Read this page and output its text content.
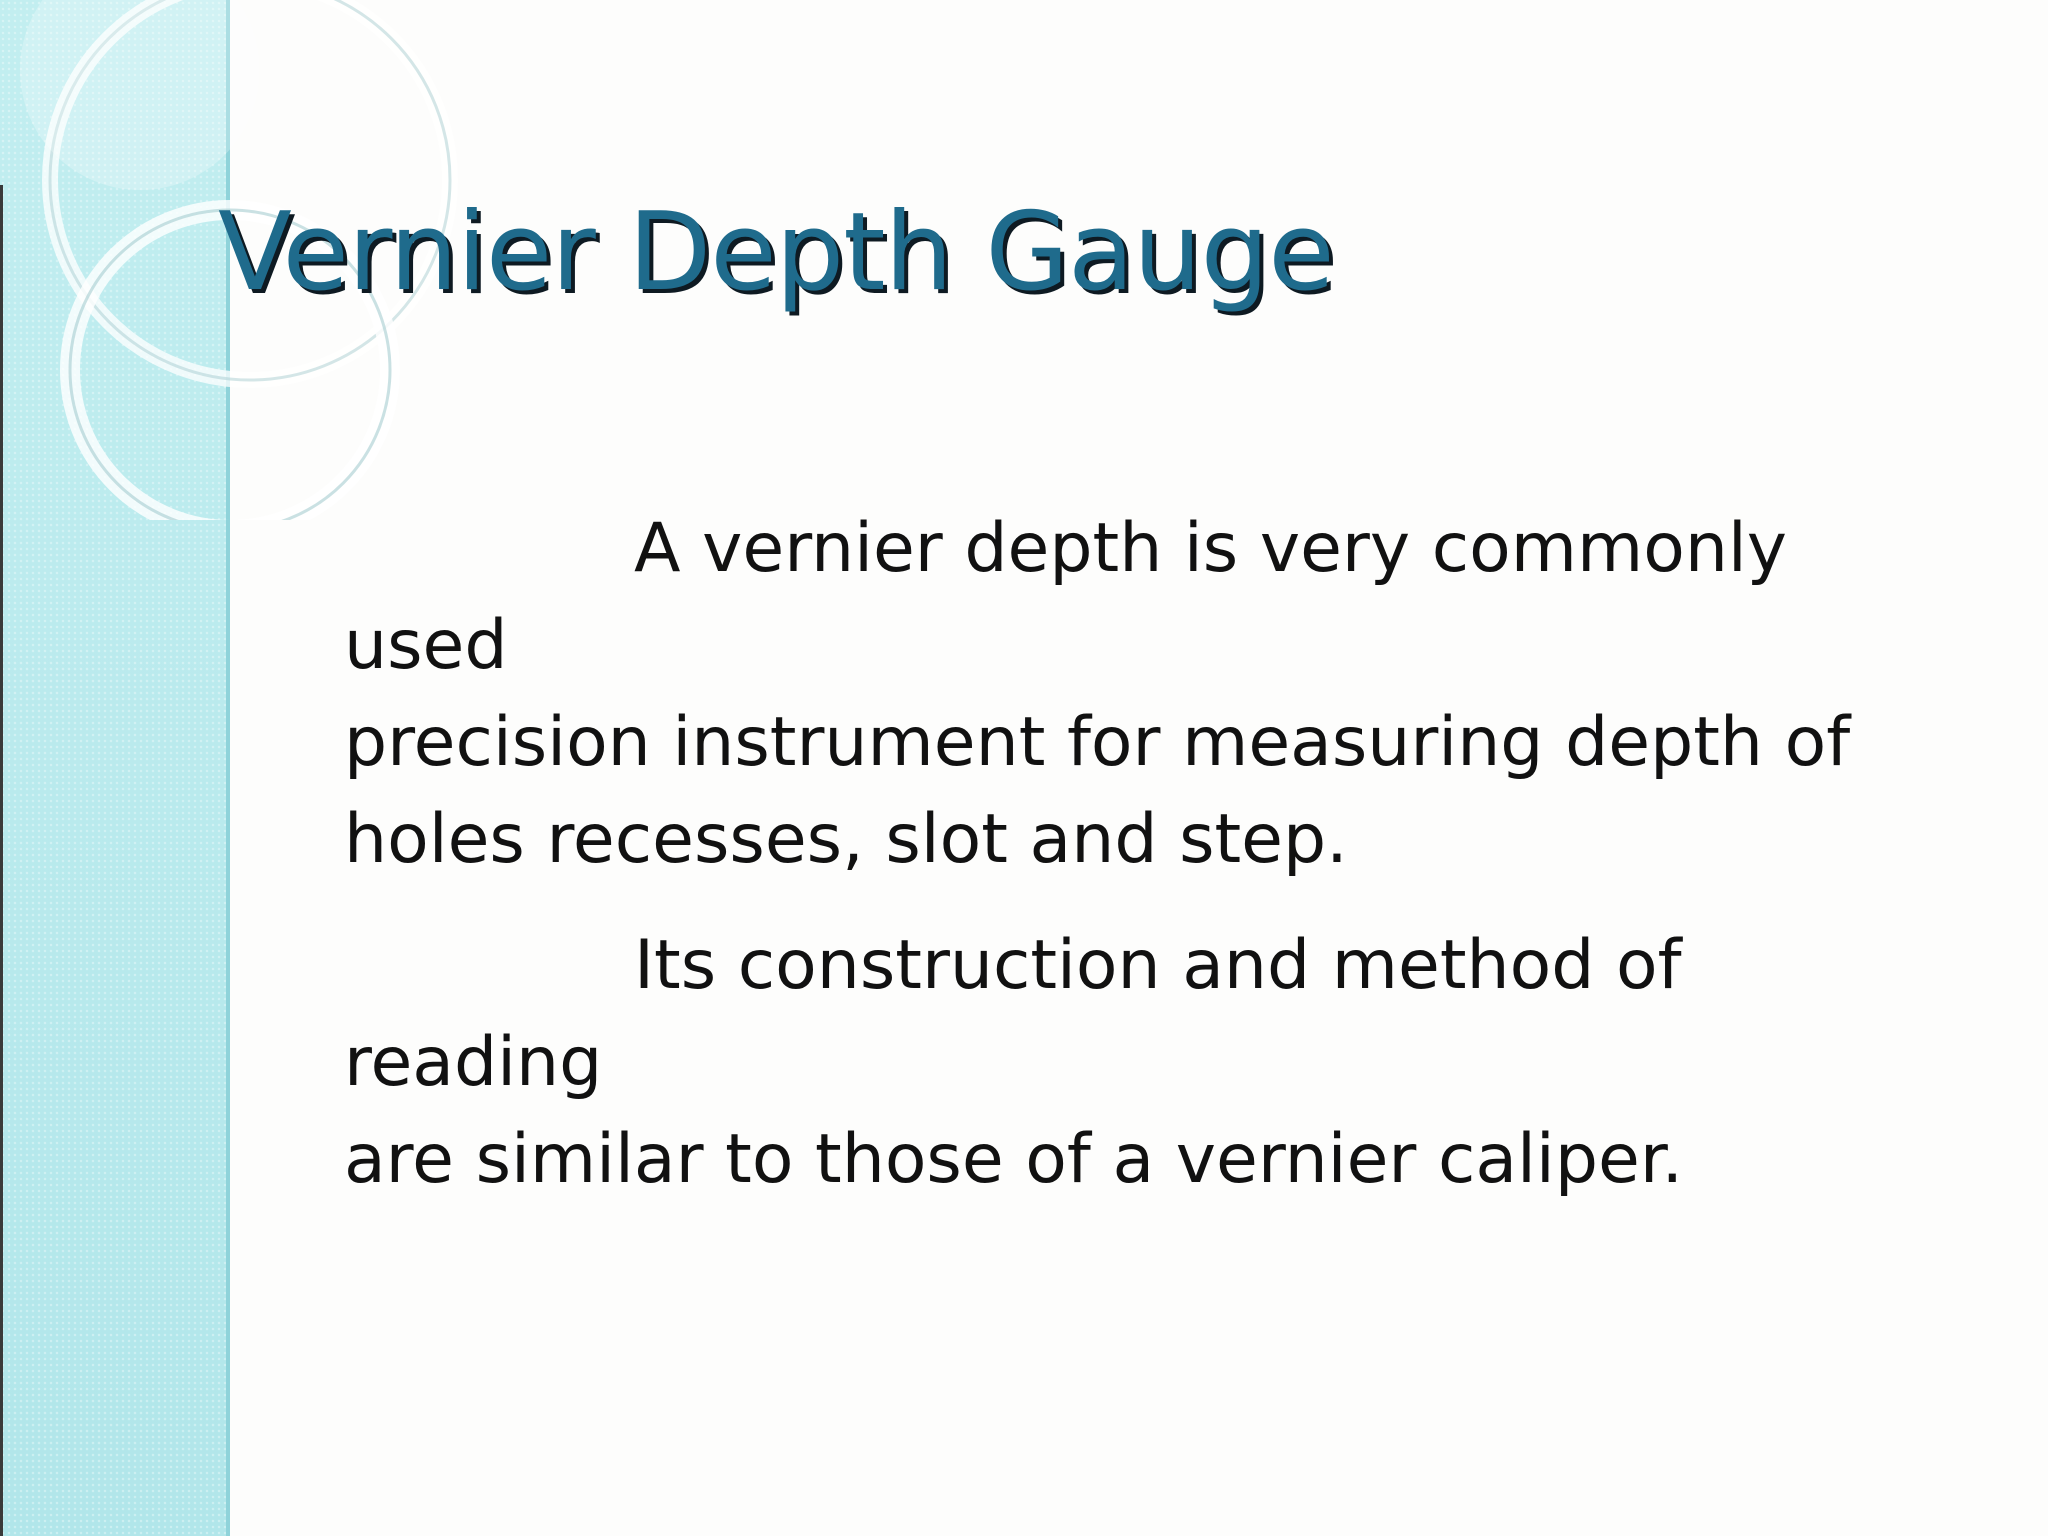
Vernier Depth Gauge

A vernier depth is very commonly used
precision instrument for measuring depth of
holes recesses, slot and step.

Its construction and method of reading
are similar to those of a vernier caliper.
